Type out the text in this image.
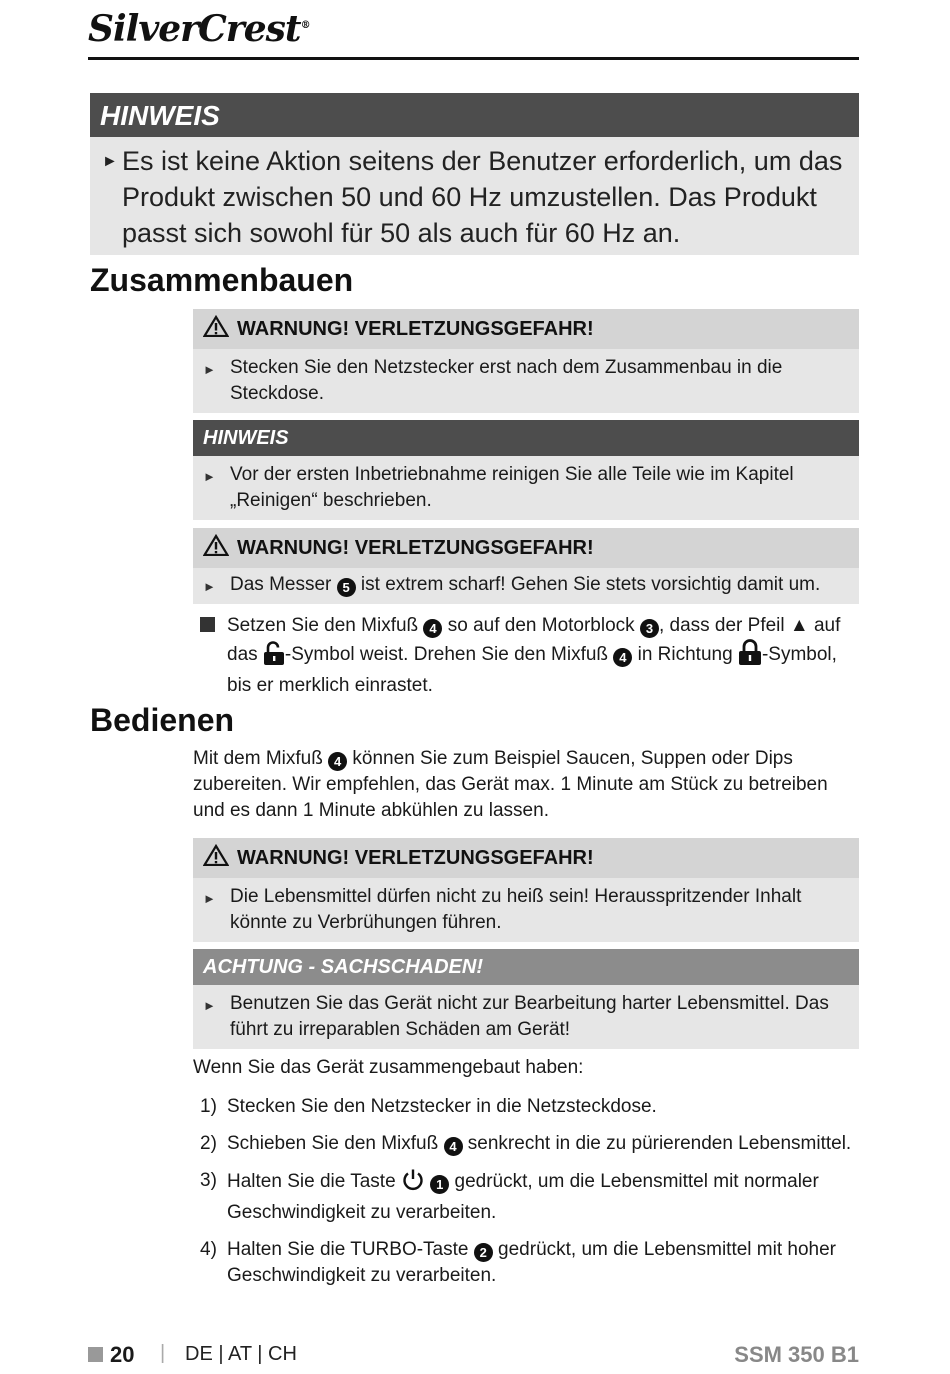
SilverCrest®
HINWEIS
► Es ist keine Aktion seitens der Benutzer erforderlich, um das Produkt zwischen 50 und 60 Hz umzustellen. Das Produkt passt sich sowohl für 50 als auch für 60 Hz an.
Zusammenbauen
WARNUNG! VERLETZUNGSGEFAHR!
► Stecken Sie den Netzstecker erst nach dem Zusammenbau in die Steckdose.
HINWEIS
► Vor der ersten Inbetriebnahme reinigen Sie alle Teile wie im Kapitel „Reinigen“ beschrieben.
WARNUNG! VERLETZUNGSGEFAHR!
► Das Messer 5 ist extrem scharf! Gehen Sie stets vorsichtig damit um.
Setzen Sie den Mixfuß 4 so auf den Motorblock 3 , dass der Pfeil ▲ auf das -Symbol weist. Drehen Sie den Mixfuß 4 in Richtung -Symbol, bis er merklich einrastet.
Bedienen
Mit dem Mixfuß 4 können Sie zum Beispiel Saucen, Suppen oder Dips zubereiten. Wir empfehlen, das Gerät max. 1 Minute am Stück zu betreiben und es dann 1 Minute abkühlen zu lassen.
WARNUNG! VERLETZUNGSGEFAHR!
► Die Lebensmittel dürfen nicht zu heiß sein! Herausspritzender Inhalt könnte zu Verbrühungen führen.
ACHTUNG - SACHSCHADEN!
► Benutzen Sie das Gerät nicht zur Bearbeitung harter Lebensmittel. Das führt zu irreparablen Schäden am Gerät!
Wenn Sie das Gerät zusammengebaut haben:
1) Stecken Sie den Netzstecker in die Netzsteckdose.
2) Schieben Sie den Mixfuß 4 senkrecht in die zu pürierenden Lebensmittel.
3) Halten Sie die Taste	1 gedrückt, um die Lebensmittel mit normaler Geschwindigkeit zu verarbeiten.
4) Halten Sie die TURBO-Taste 2 gedrückt, um die Lebensmittel mit hoher Geschwindigkeit zu verarbeiten.
20 | DE | AT | CH	SSM 350 B1
